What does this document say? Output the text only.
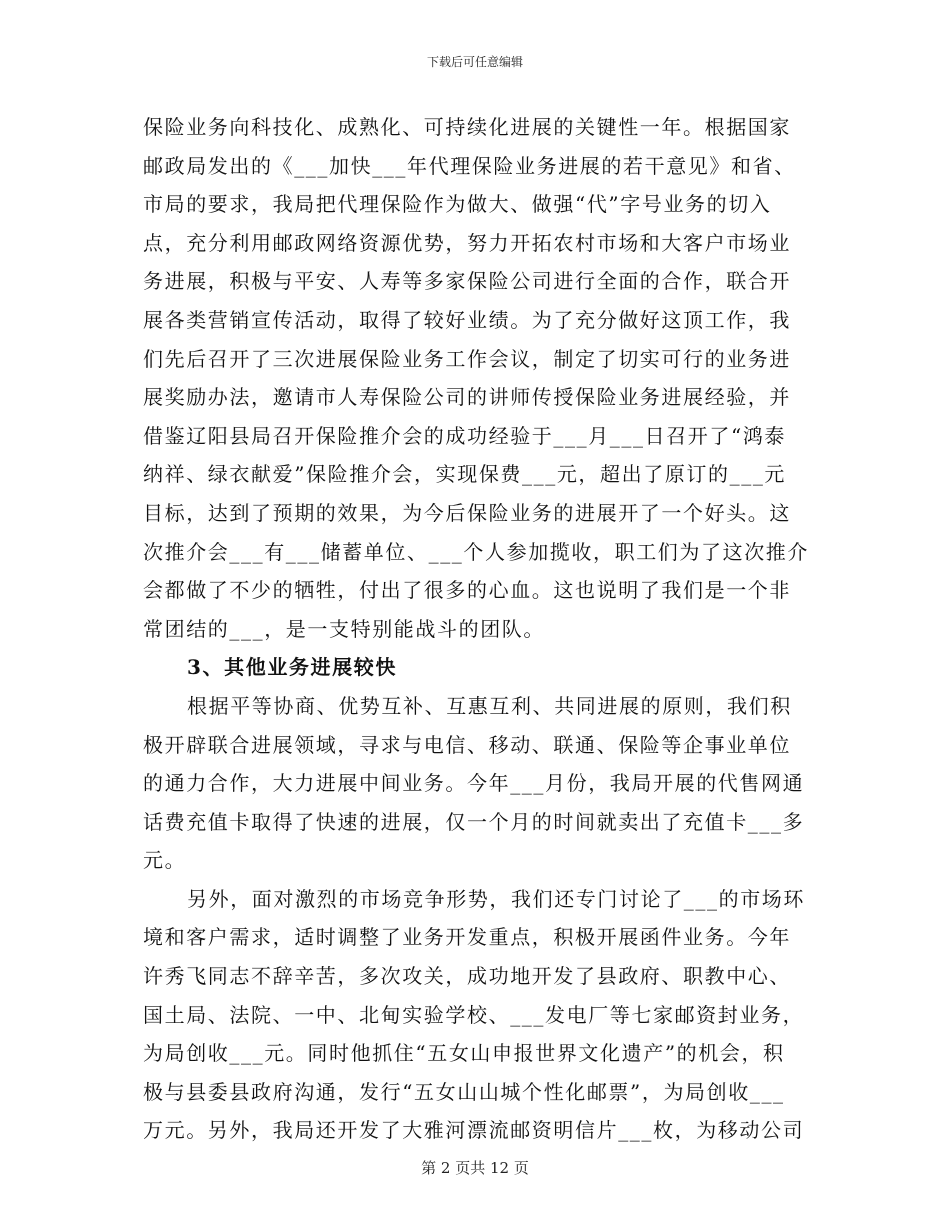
下载后可任意编辑
保险业务向科技化、成熟化、可持续化进展的关键性一年。根据国家
邮政局发出的《___加快___年代理保险业务进展的若干意见》和省、
市局的要求，我局把代理保险作为做大、做强“代”字号业务的切入
点，充分利用邮政网络资源优势，努力开拓农村市场和大客户市场业
务进展，积极与平安、人寿等多家保险公司进行全面的合作，联合开
展各类营销宣传活动，取得了较好业绩。为了充分做好这顶工作，我
们先后召开了三次进展保险业务工作会议，制定了切实可行的业务进
展奖励办法，邀请市人寿保险公司的讲师传授保险业务进展经验，并
借鉴辽阳县局召开保险推介会的成功经验于___月___日召开了“鸿泰
纳祥、绿衣献爱”保险推介会，实现保费___元，超出了原订的___元
目标，达到了预期的效果，为今后保险业务的进展开了一个好头。这
次推介会___有___储蓄单位、___个人参加揽收，职工们为了这次推介
会都做了不少的牺牲，付出了很多的心血。这也说明了我们是一个非
常团结的___，是一支特别能战斗的团队。
3、其他业务进展较快
根据平等协商、优势互补、互惠互利、共同进展的原则，我们积
极开辟联合进展领域，寻求与电信、移动、联通、保险等企事业单位
的通力合作，大力进展中间业务。今年___月份，我局开展的代售网通
话费充值卡取得了快速的进展，仅一个月的时间就卖出了充值卡___多
元。
另外，面对激烈的市场竞争形势，我们还专门讨论了___的市场环
境和客户需求，适时调整了业务开发重点，积极开展函件业务。今年
许秀飞同志不辞辛苦，多次攻关，成功地开发了县政府、职教中心、
国土局、法院、一中、北甸实验学校、___发电厂等七家邮资封业务，
为局创收___元。同时他抓住“五女山申报世界文化遗产”的机会，积
极与县委县政府沟通，发行“五女山山城个性化邮票”，为局创收___
万元。另外，我局还开发了大雅河漂流邮资明信片___枚，为移动公司
第 2 页共 12 页
